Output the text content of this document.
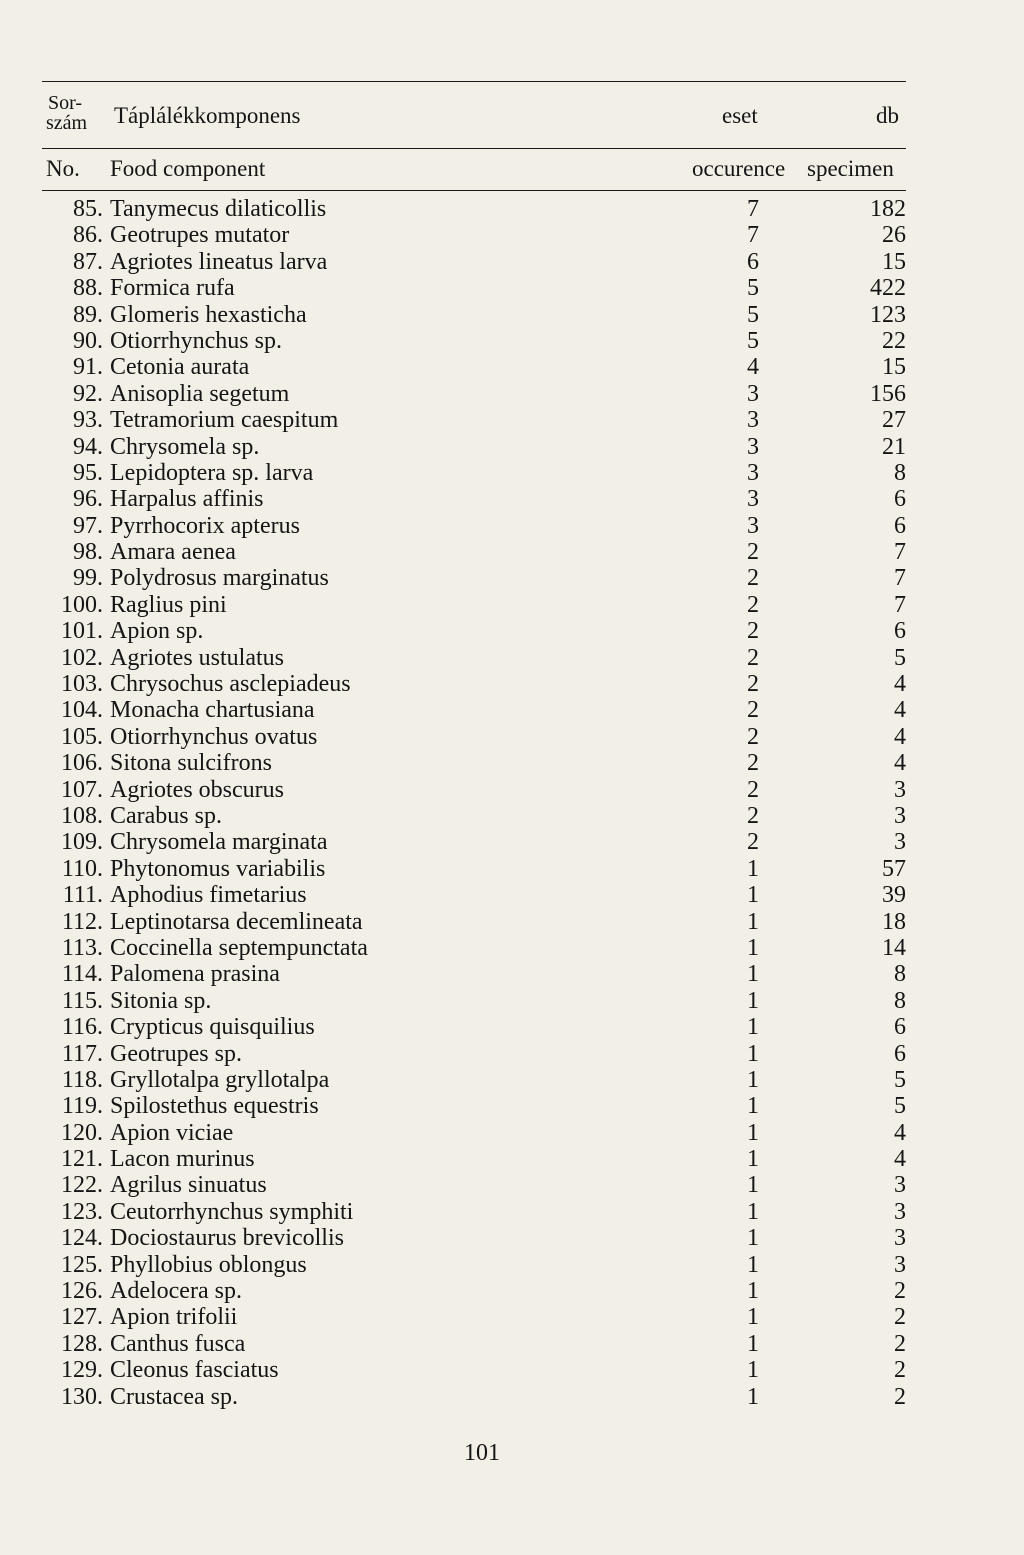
Sor-
szám Táplálékkomponens	eset	db
No. Food component	occurence specimen
85. Tanymecus dilaticollis	7	182
86. Geotrupes mutator	7	26
87. Agriotes lineatus larva	6	15
88. Formica rufa	5	422
89. Glomeris hexasticha	5	123
90. Otiorrhynchus sp.	5	22
91. Cetonia aurata	4	15
92. Anisoplia segetum	3	156
93. Tetramorium caespitum	3	27
94. Chrysomela sp.	3	21
95. Lepidoptera sp. larva	3	8
96. Harpalus affinis	3	6
97. Pyrrhocorix apterus	3	6
98. Amara aenea	2	7
99. Polydrosus marginatus	2	7
100. Raglius pini	2	7
101. Apion sp.	2	6
102. Agriotes ustulatus	2	5
103. Chrysochus asclepiadeus	2	4
104. Monacha chartusiana	2	4
105. Otiorrhynchus ovatus	2	4
106. Sitona sulcifrons	2	4
107. Agriotes obscurus	2	3
108. Carabus sp.	2	3
109. Chrysomela marginata	2	3
110. Phytonomus variabilis	1	57
111. Aphodius fimetarius	1	39
112. Leptinotarsa decemlineata	1	18
113. Coccinella septempunctata	1	14
114. Palomena prasina	1	8
115. Sitonia sp.	1	8
116. Crypticus quisquilius	1	6
117. Geotrupes sp.	1	6
118. Gryllotalpa gryllotalpa	1	5
119. Spilostethus equestris	1	5
120. Apion viciae	1	4
121. Lacon murinus	1	4
122. Agrilus sinuatus	1	3
123. Ceutorrhynchus symphiti	1	3
124. Dociostaurus brevicollis	1	3
125. Phyllobius oblongus	1	3
126. Adelocera sp.	1	2
127. Apion trifolii	1	2
128. Canthus fusca	1	2
129. Cleonus fasciatus	1	2
130. Crustacea sp.	1	2
101
